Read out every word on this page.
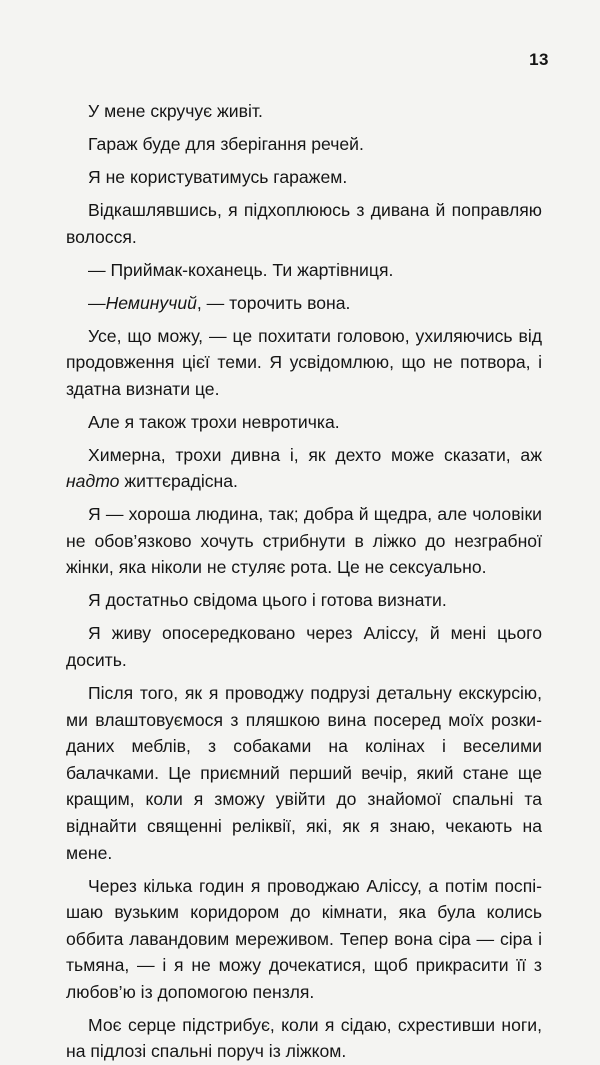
13

У мене скручує живіт.

Гараж буде для зберігання речей.

Я не користуватимусь гаражем.

Відкашлявшись, я підхоплююсь з дивана й поправляю волосся.

— Приймак-коханець. Ти жартівниця.

—Неминучий, — торочить вона.

Усе, що можу, — це похитати головою, ухиляючись від продовження цієї теми. Я усвідомлюю, що не потвора, і здатна визнати це.

Але я також трохи невротичка.

Химерна, трохи дивна і, як дехто може сказати, аж надто життєрадісна.

Я — хороша людина, так; добра й щедра, але чоловіки не обов’язково хочуть стрибнути в ліжко до незграбної жінки, яка ніколи не стуляє рота. Це не сексуально.

Я достатньо свідома цього і готова визнати.

Я живу опосередковано через Аліссу, й мені цього досить.

Після того, як я проводжу подрузі детальну екскурсію, ми влаштовуємося з пляшкою вина посеред моїх розкиданих меблів, з собаками на колінах і веселими балачками. Це приємний перший вечір, який стане ще кращим, коли я зможу увійти до знайомої спальні та віднайти священні реліквії, які, як я знаю, чекають на мене.

Через кілька годин я проводжаю Аліссу, а потім поспішаю вузьким коридором до кімнати, яка була колись оббита лавандовим мереживом. Тепер вона сіра — сіра і тьмяна, — і я не можу дочекатися, щоб прикрасити її з любов’ю із допомогою пензля.

Моє серце підстрибує, коли я сідаю, схрестивши ноги, на підлозі спальні поруч із ліжком.
